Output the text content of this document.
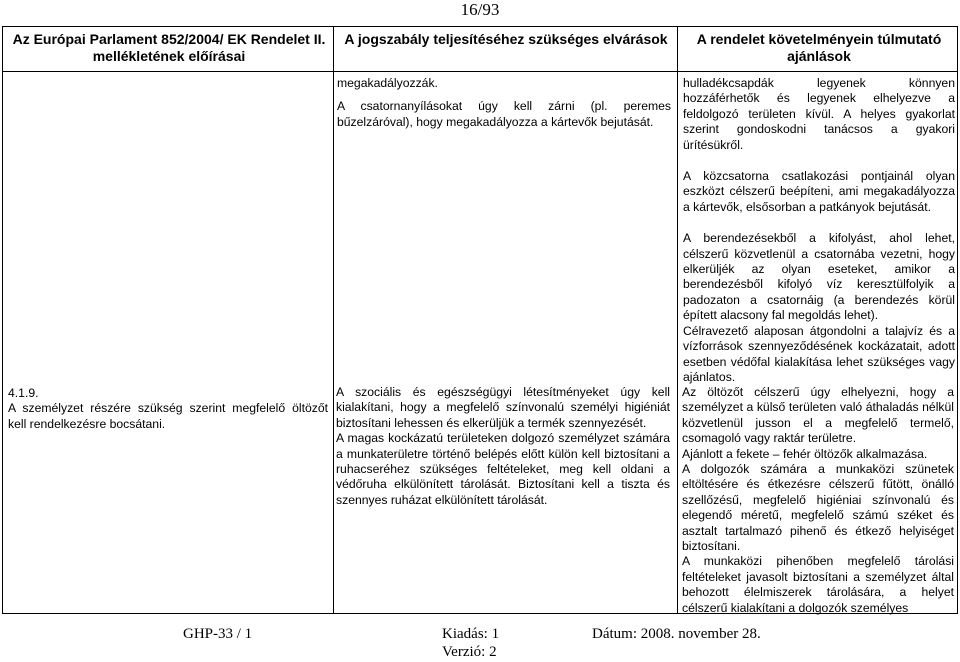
16/93
Az Európai Parlament 852/2004/ EK Rendelet II. mellékletének előírásai
A jogszabály teljesítéséhez szükséges elvárások	A rendelet követelményein túlmutató ajánlások

megakadályozzák.

A csatornanyílásokat úgy kell zárni (pl. peremes bűzelzáróval), hogy megakadályozza a kártevők bejutását.

hulladékcsapdák legyenek könnyen hozzáférhetők és legyenek elhelyezve a feldolgozó területen kívül. A helyes gyakorlat szerint gondoskodni tanácsos a gyakori ürítésükről.

A közcsatorna csatlakozási pontjainál olyan eszközt célszerű beépíteni, ami megakadályozza a kártevők, elsősorban a patkányok bejutását.

A berendezésekből a kifolyást, ahol lehet, célszerű közvetlenül a csatornába vezetni, hogy elkerüljék az olyan eseteket, amikor a berendezésből kifolyó víz keresztülfolyik a padozaton a csatornáig (a berendezés körül épített alacsony fal megoldás lehet).

Célravezető alaposan átgondolni a talajvíz és a vízforrások szennyeződésének kockázatait, adott esetben védőfal kialakítása lehet szükséges vagy ajánlatos.

4.1.9.

A személyzet részére szükség szerint megfelelő öltözőt kell rendelkezésre bocsátani.

A szociális és egészségügyi létesítményeket úgy kell kialakítani, hogy a megfelelő színvonalú személyi higiéniát biztosítani lehessen és elkerüljük a termék szennyezését.

A magas kockázatú területeken dolgozó személyzet számára a munkaterületre történő belépés előtt külön kell biztosítani a ruhacseréhez szükséges feltételeket, meg kell oldani a védőruha elkülönített tárolását. Biztosítani kell a tiszta és szennyes ruházat elkülönített tárolását.

Az öltözőt célszerű úgy elhelyezni, hogy a személyzet a külső területen való áthaladás nélkül közvetlenül jusson el a megfelelő termelő, csomagoló vagy raktár területre.

Ajánlott a fekete – fehér öltözők alkalmazása.

A dolgozók számára a munkaközi szünetek eltöltésére és étkezésre célszerű fűtött, önálló szellőzésű, megfelelő higiéniai színvonalú és elegendő méretű, megfelelő számú széket és asztalt tartalmazó pihenő és étkező helyiséget biztosítani.

A munkaközi pihenőben megfelelő tárolási feltételeket javasolt biztosítani a személyzet által behozott élelmiszerek tárolására, a helyet célszerű kialakítani a dolgozók személyes

GHP-33 / 1	Kiadás: 1
Verzió: 2
Dátum: 2008. november 28.
